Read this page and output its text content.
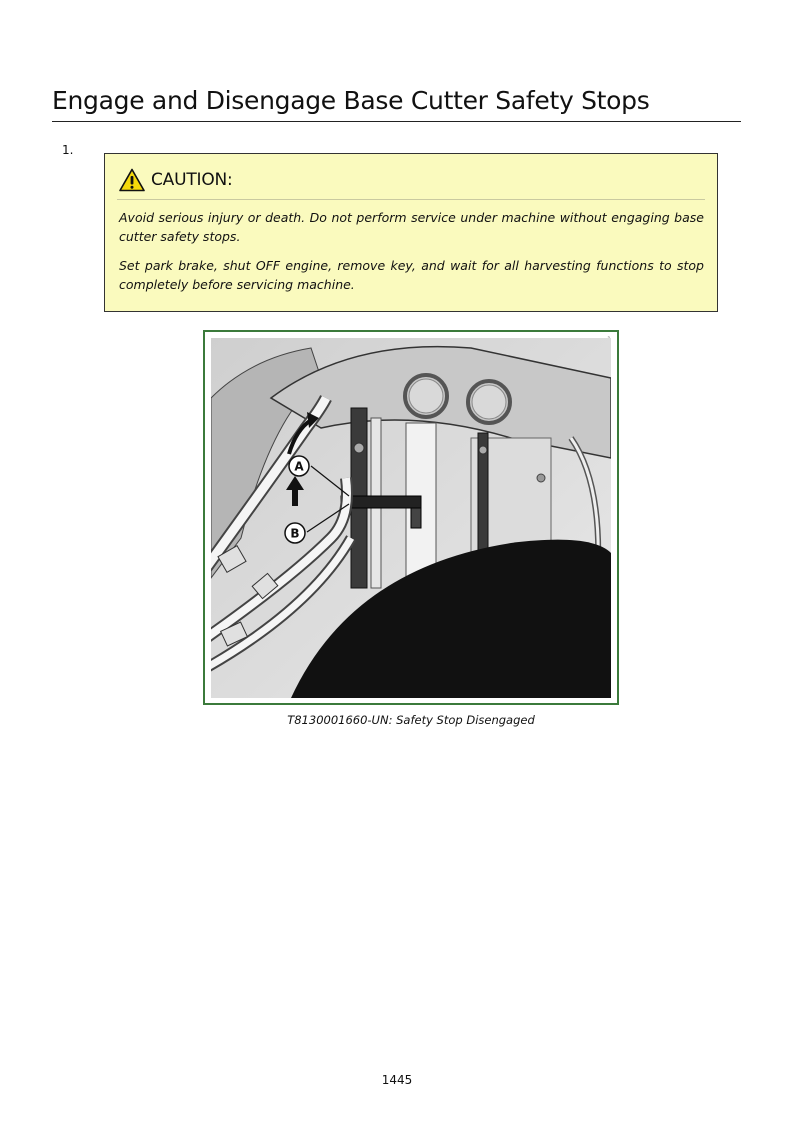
Engage and Disengage Base Cutter Safety Stops
1.
CAUTION:

Avoid serious injury or death. Do not perform service under machine without engaging base cutter safety stops.

Set park brake, shut OFF engine, remove key, and wait for all harvesting functions to stop completely before servicing machine.

A
B
T8130001660-UN: Safety Stop Disengaged
1445
